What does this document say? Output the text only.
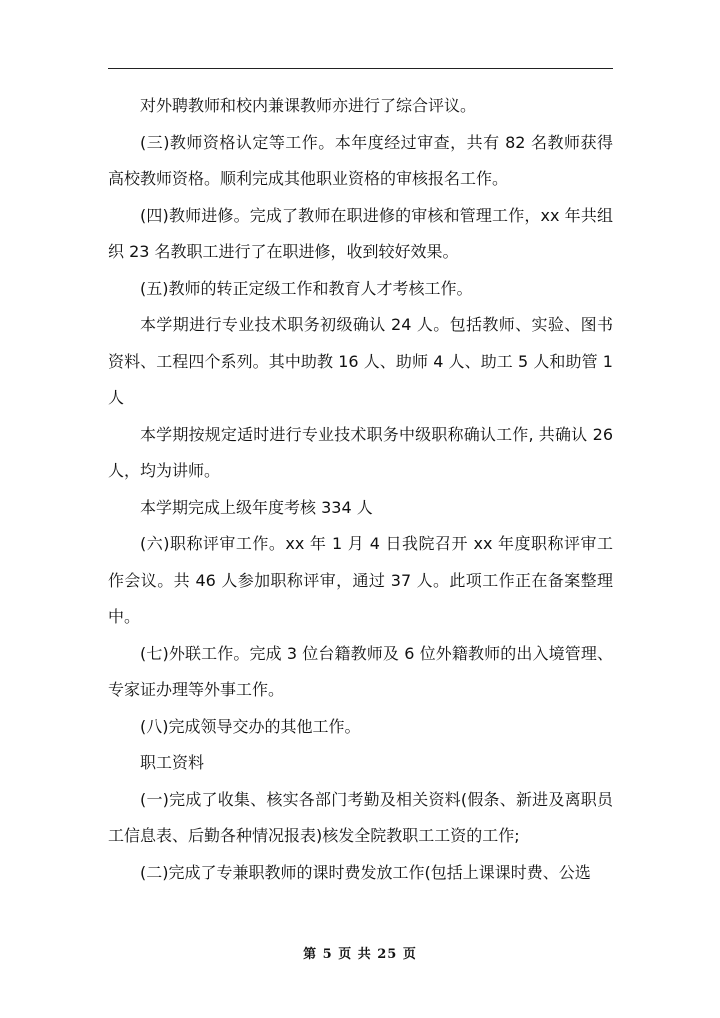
对外聘教师和校内兼课教师亦进行了综合评议。

(三)教师资格认定等工作。本年度经过审查，共有 82 名教师获得高校教师资格。顺利完成其他职业资格的审核报名工作。

(四)教师进修。完成了教师在职进修的审核和管理工作，xx 年共组织 23 名教职工进行了在职进修，收到较好效果。

(五)教师的转正定级工作和教育人才考核工作。

本学期进行专业技术职务初级确认 24 人。包括教师、实验、图书资料、工程四个系列。其中助教 16 人、助师 4 人、助工 5 人和助管 1 人

本学期按规定适时进行专业技术职务中级职称确认工作, 共确认 26 人，均为讲师。

本学期完成上级年度考核 334 人

(六)职称评审工作。xx 年 1 月 4 日我院召开 xx 年度职称评审工作会议。共 46 人参加职称评审，通过 37 人。此项工作正在备案整理中。

(七)外联工作。完成 3 位台籍教师及 6 位外籍教师的出入境管理、专家证办理等外事工作。

(八)完成领导交办的其他工作。

职工资料

(一)完成了收集、核实各部门考勤及相关资料(假条、新进及离职员工信息表、后勤各种情况报表)核发全院教职工工资的工作;

(二)完成了专兼职教师的课时费发放工作(包括上课课时费、公选

第 5 页 共 25 页
